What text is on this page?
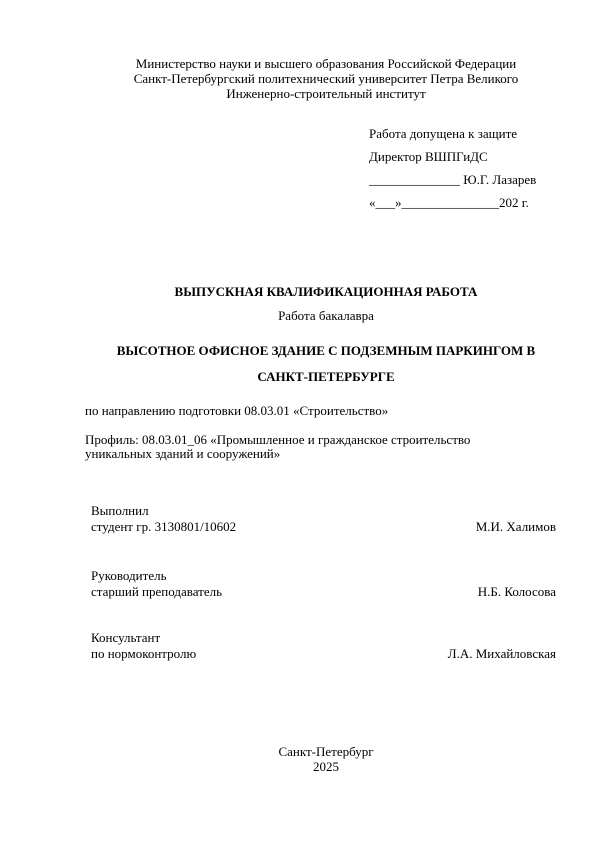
Министерство науки и высшего образования Российской Федерации
Санкт-Петербургский политехнический университет Петра Великого
Инженерно-строительный институт
Работа допущена к защите
Директор ВШПГиДС
______________ Ю.Г. Лазарев
«___»_______________202 г.
ВЫПУСКНАЯ КВАЛИФИКАЦИОННАЯ РАБОТА
Работа бакалавра
ВЫСОТНОЕ ОФИСНОЕ ЗДАНИЕ С ПОДЗЕМНЫМ ПАРКИНГОМ В
САНКТ-ПЕТЕРБУРГЕ
по направлению подготовки 08.03.01 «Строительство»
Профиль: 08.03.01_06 «Промышленное и гражданское строительство
уникальных зданий и сооружений»
Выполнил
студент гр. 3130801/10602	М.И. Халимов
Руководитель
старший преподаватель	Н.Б. Колосова
Консультант
по нормоконтролю	Л.А. Михайловская
Санкт-Петербург
2025
